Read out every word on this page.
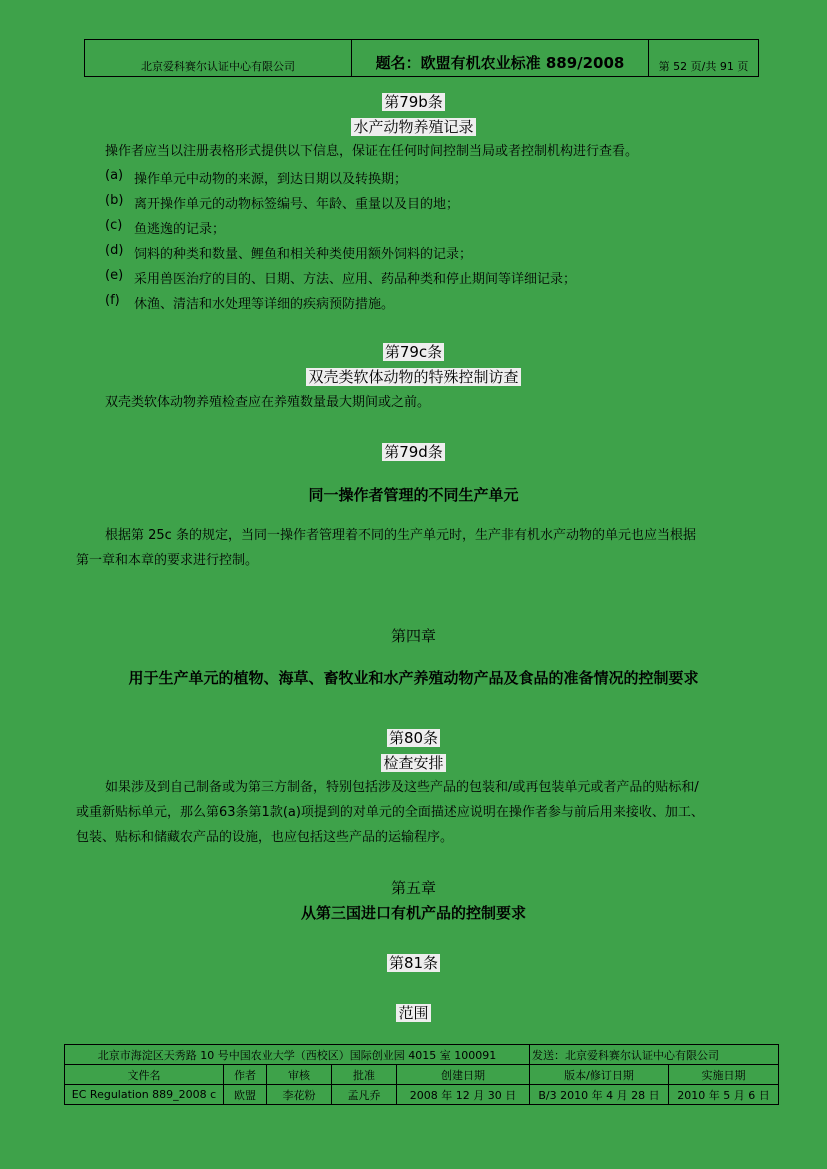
北京爱科赛尔认证中心有限公司	题名：欧盟有机农业标准 889/2008	第 52 页/共 91 页
第79b条
水产动物养殖记录
操作者应当以注册表格形式提供以下信息，保证在任何时间控制当局或者控制机构进行查看。
(a) 操作单元中动物的来源，到达日期以及转换期；
(b) 离开操作单元的动物标签编号、年龄、重量以及目的地；
(c) 鱼逃逸的记录；
(d) 饲料的种类和数量、鲤鱼和相关种类使用额外饲料的记录；
(e) 采用兽医治疗的目的、日期、方法、应用、药品种类和停止期间等详细记录；
(f) 休渔、清洁和水处理等详细的疾病预防措施。
第79c条
双壳类软体动物的特殊控制访查
双壳类软体动物养殖检查应在养殖数量最大期间或之前。
第79d条
同一操作者管理的不同生产单元
根据第 25c 条的规定，当同一操作者管理着不同的生产单元时，生产非有机水产动物的单元也应当根据
第一章和本章的要求进行控制。
第四章
用于生产单元的植物、海草、畜牧业和水产养殖动物产品及食品的准备情况的控制要求
第80条
检查安排
如果涉及到自己制备或为第三方制备，特别包括涉及这些产品的包装和/或再包装单元或者产品的贴标和/
或重新贴标单元，那么第63条第1款(a)项提到的对单元的全面描述应说明在操作者参与前后用来接收、加工、
包装、贴标和储藏农产品的设施，也应包括这些产品的运输程序。
第五章
从第三国进口有机产品的控制要求
第81条
范围
北京市海淀区天秀路 10 号中国农业大学（西校区）国际创业园 4015 室 100091					发送：北京爱科赛尔认证中心有限公司	
文件名	作者	审核	批准	创建日期	版本/修订日期	实施日期
EC Regulation 889_2008 c	欧盟	李花粉	孟凡乔	2008 年 12 月 30 日	B/3 2010 年 4 月 28 日	2010 年 5 月 6 日
